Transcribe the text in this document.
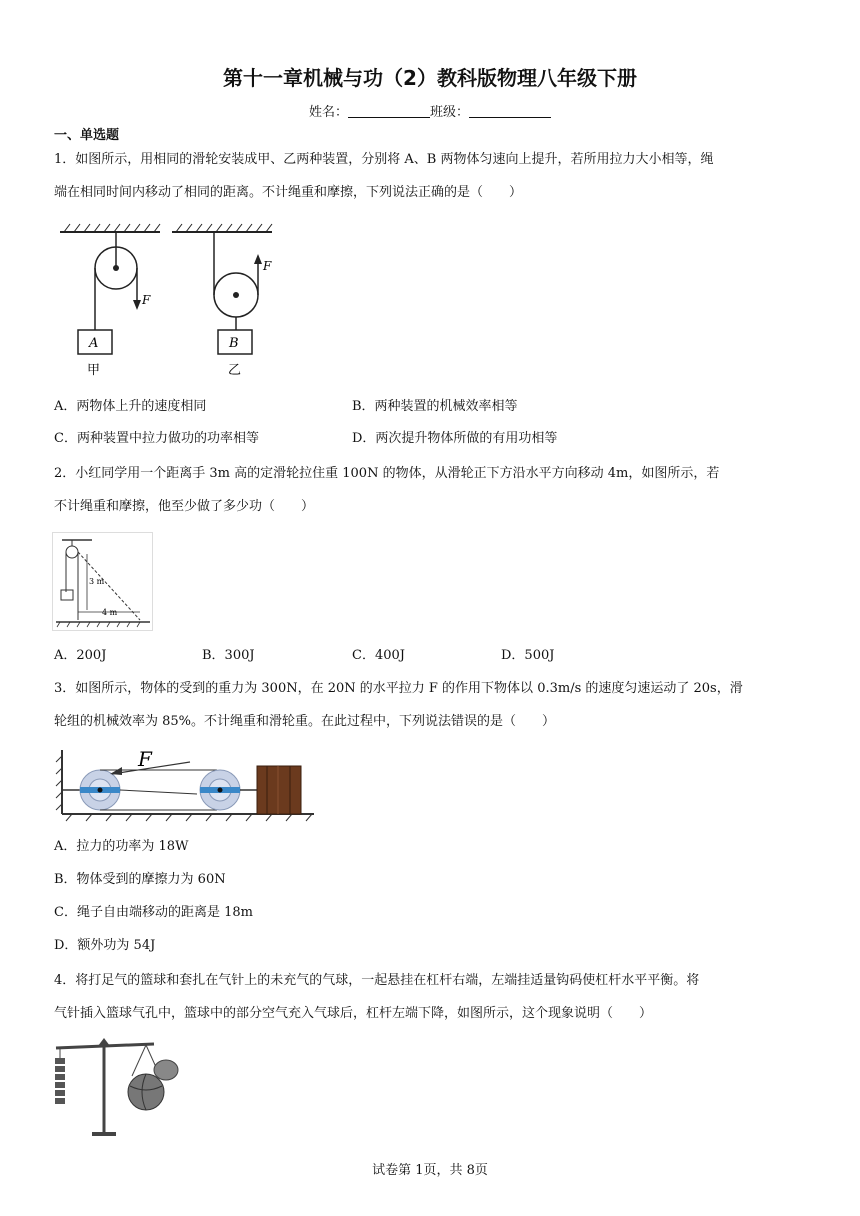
第十一章机械与功（2）教科版物理八年级下册
姓名：	班级：
一、单选题
1．如图所示，用相同的滑轮安装成甲、乙两种装置，分别将 A、B 两物体匀速向上提升，若所用拉力大小相等，绳
端在相同时间内移动了相同的距离。不计绳重和摩擦，下列说法正确的是（　　）
F
A
甲
F
B
乙
A．两物体上升的速度相同	B．两种装置的机械效率相等
C．两种装置中拉力做功的功率相等	D．两次提升物体所做的有用功相等
2．小红同学用一个距离手 3m 高的定滑轮拉住重 100N 的物体，从滑轮正下方沿水平方向移动 4m，如图所示，若
不计绳重和摩擦，他至少做了多少功（　　）
3 m
4 m
A．200J	B．300J	C．400J	D．500J
3．如图所示，物体的受到的重力为 300N，在 20N 的水平拉力 F 的作用下物体以 0.3m/s 的速度匀速运动了 20s，滑
轮组的机械效率为 85%。不计绳重和滑轮重。在此过程中，下列说法错误的是（　　）
F
A．拉力的功率为 18W
B．物体受到的摩擦力为 60N
C．绳子自由端移动的距离是 18m
D．额外功为 54J
4．将打足气的篮球和套扎在气针上的未充气的气球，一起悬挂在杠杆右端，左端挂适量钩码使杠杆水平平衡。将
气针插入篮球气孔中，篮球中的部分空气充入气球后，杠杆左端下降，如图所示，这个现象说明（　　）
试卷第 1页，共 8页
